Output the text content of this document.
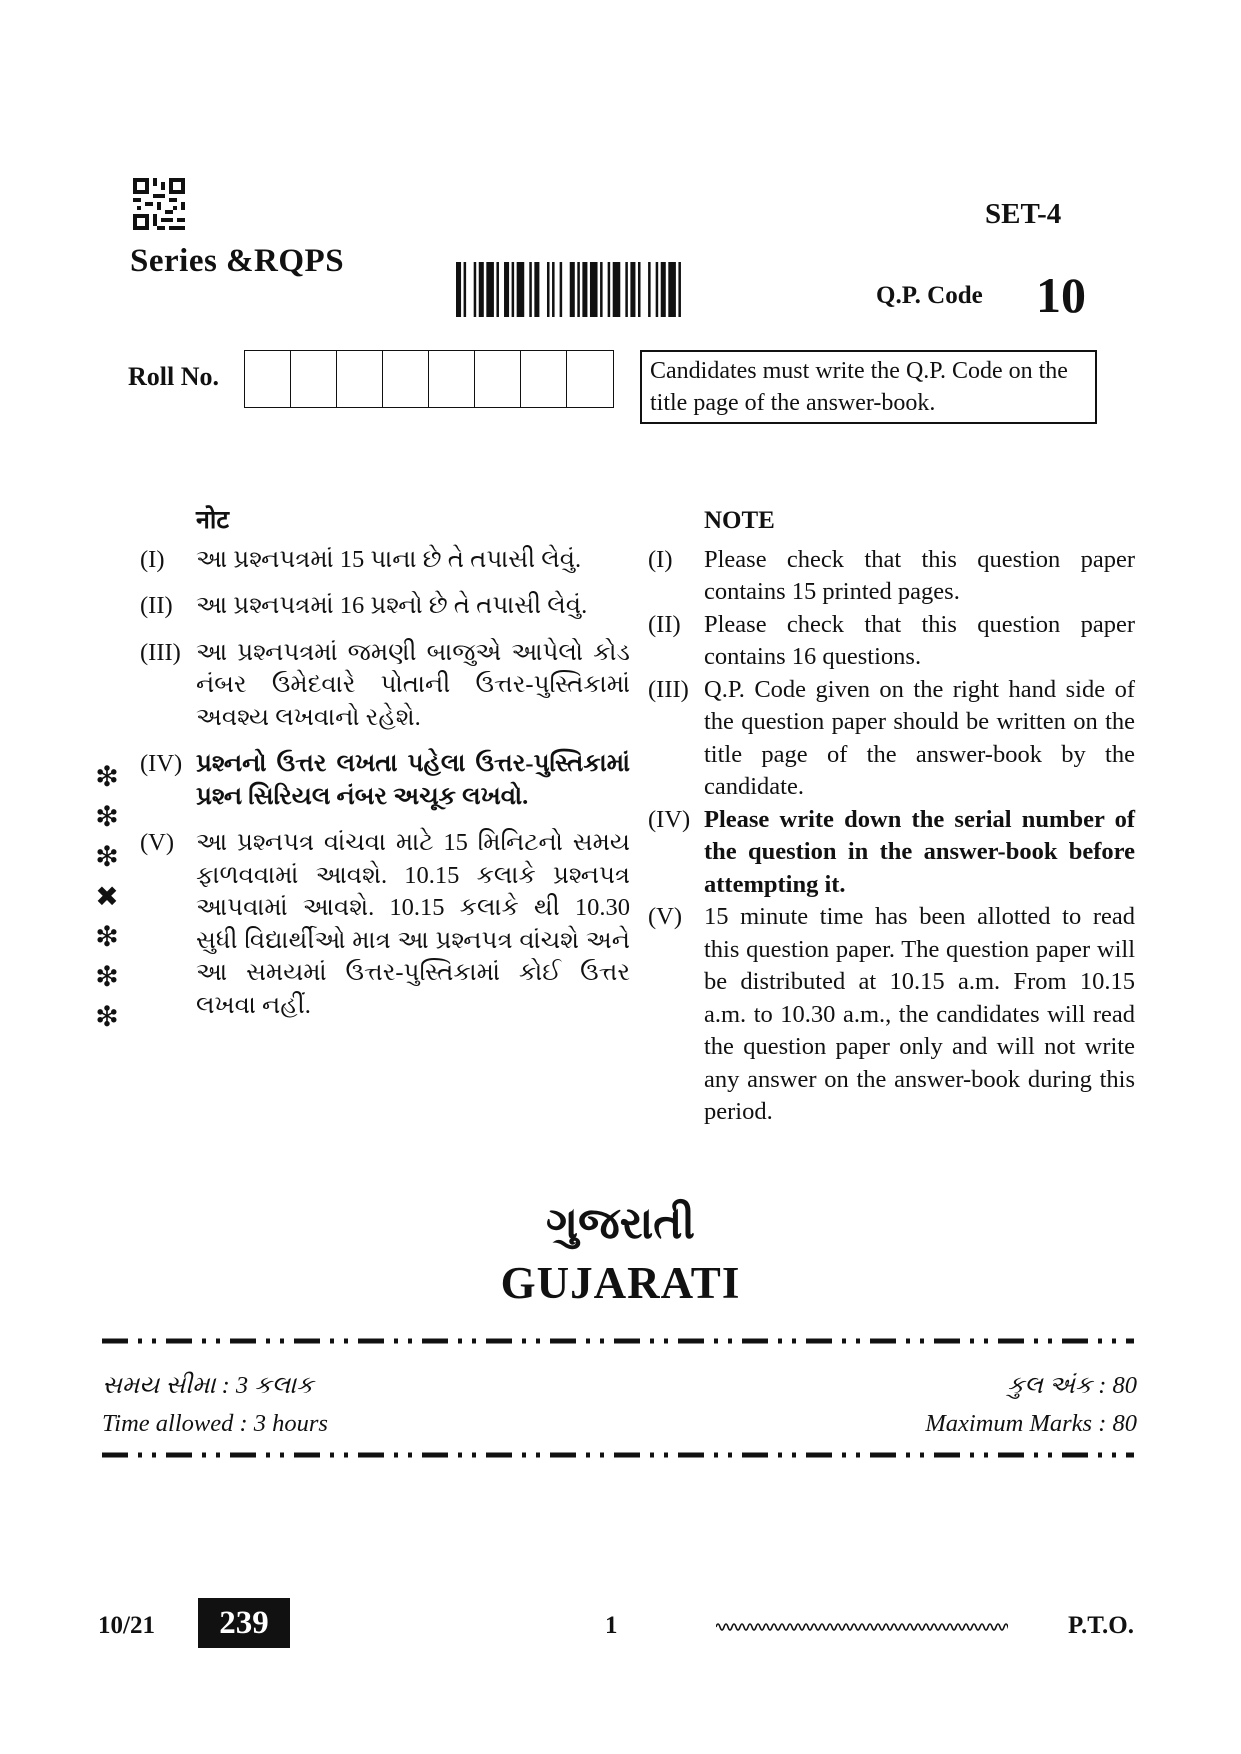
Series &RQPS
SET-4
Q.P. Code 10
Roll No.	Candidates must write the Q.P. Code on the title page of the answer-book.
नोट
(I)	આ પ્રશ્નપત્રમાં 15 પાના છે તે તપાસી લેવું.
(II) આ પ્રશ્નપત્રમાં 16 પ્રશ્નો છે તે તપાસી લેવું.
(III) આ પ્રશ્નપત્રમાં જમણી બાજુએ આપેલો કોડ નંબર ઉમેદવારે પોતાની ઉત્તર-પુસ્તિકામાં અવશ્ય લખવાનો રહેશે.
(IV) પ્રશ્નનો ઉત્તર લખતા પહેલા ઉત્તર-પુસ્તિકામાં પ્રશ્ન સિરિયલ નંબર અચૂક લખવો.
(V) આ પ્રશ્નપત્ર વાંચવા માટે 15 મિનિટનો સમય ફાળવવામાં આવશે. 10.15 કલાકે પ્રશ્નપત્ર આપવામાં આવશે. 10.15 કલાકે થી 10.30 સુધી વિદ્યાર્થીઓ માત્ર આ પ્રશ્નપત્ર વાંચશે અને આ સમયમાં ઉત્તર-પુસ્તિકામાં કોઈ ઉત્તર લખવા નહીં.
NOTE
(I)	Please check that this question paper contains 15 printed pages.
(II) Please check that this question paper contains 16 questions.
(III) Q.P. Code given on the right hand side of the question paper should be written on the title page of the answer-book by the candidate.
(IV) Please write down the serial number of the question in the answer-book before attempting it.
(V) 15 minute time has been allotted to read this question paper. The question paper will be distributed at 10.15 a.m. From 10.15 a.m. to 10.30 a.m., the candidates will read the question paper only and will not write any answer on the answer-book during this period.
❇
❇
❇
✖
❇
❇
❇
ગુજરાતી
GUJARATI
સમય સીમા : 3 કલાક
Time allowed : 3 hours
કુલ અંક : 80
Maximum Marks : 80
10/21	239	1	P.T.O.
